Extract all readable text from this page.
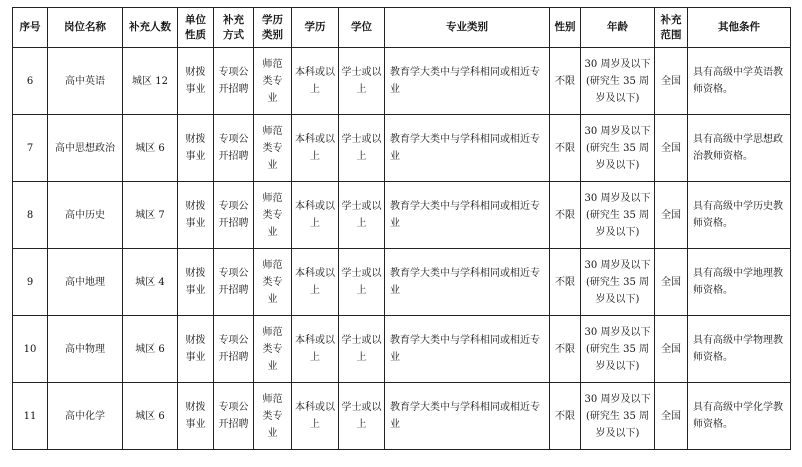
序号	岗位名称	补充人数	单位性质	补充方式	学历类别	学历	学位	专业类别	性别	年龄	补充范围	其他条件
6	高中英语	城区 12	财拨事业	专项公开招聘	师范类专业	本科或以上	学士或以上	教育学大类中与学科相同或相近专业	不限	30 周岁及以下(研究生 35 周岁及以下)	全国	具有高级中学英语教师资格。
7	高中思想政治	城区 6	财拨事业	专项公开招聘	师范类专业	本科或以上	学士或以上	教育学大类中与学科相同或相近专业	不限	30 周岁及以下(研究生 35 周岁及以下)	全国	具有高级中学思想政治教师资格。
8	高中历史	城区 7	财拨事业	专项公开招聘	师范类专业	本科或以上	学士或以上	教育学大类中与学科相同或相近专业	不限	30 周岁及以下(研究生 35 周岁及以下)	全国	具有高级中学历史教师资格。
9	高中地理	城区 4	财拨事业	专项公开招聘	师范类专业	本科或以上	学士或以上	教育学大类中与学科相同或相近专业	不限	30 周岁及以下(研究生 35 周岁及以下)	全国	具有高级中学地理教师资格。
10	高中物理	城区 6	财拨事业	专项公开招聘	师范类专业	本科或以上	学士或以上	教育学大类中与学科相同或相近专业	不限	30 周岁及以下(研究生 35 周岁及以下)	全国	具有高级中学物理教师资格。
11	高中化学	城区 6	财拨事业	专项公开招聘	师范类专业	本科或以上	学士或以上	教育学大类中与学科相同或相近专业	不限	30 周岁及以下(研究生 35 周岁及以下)	全国	具有高级中学化学教师资格。
